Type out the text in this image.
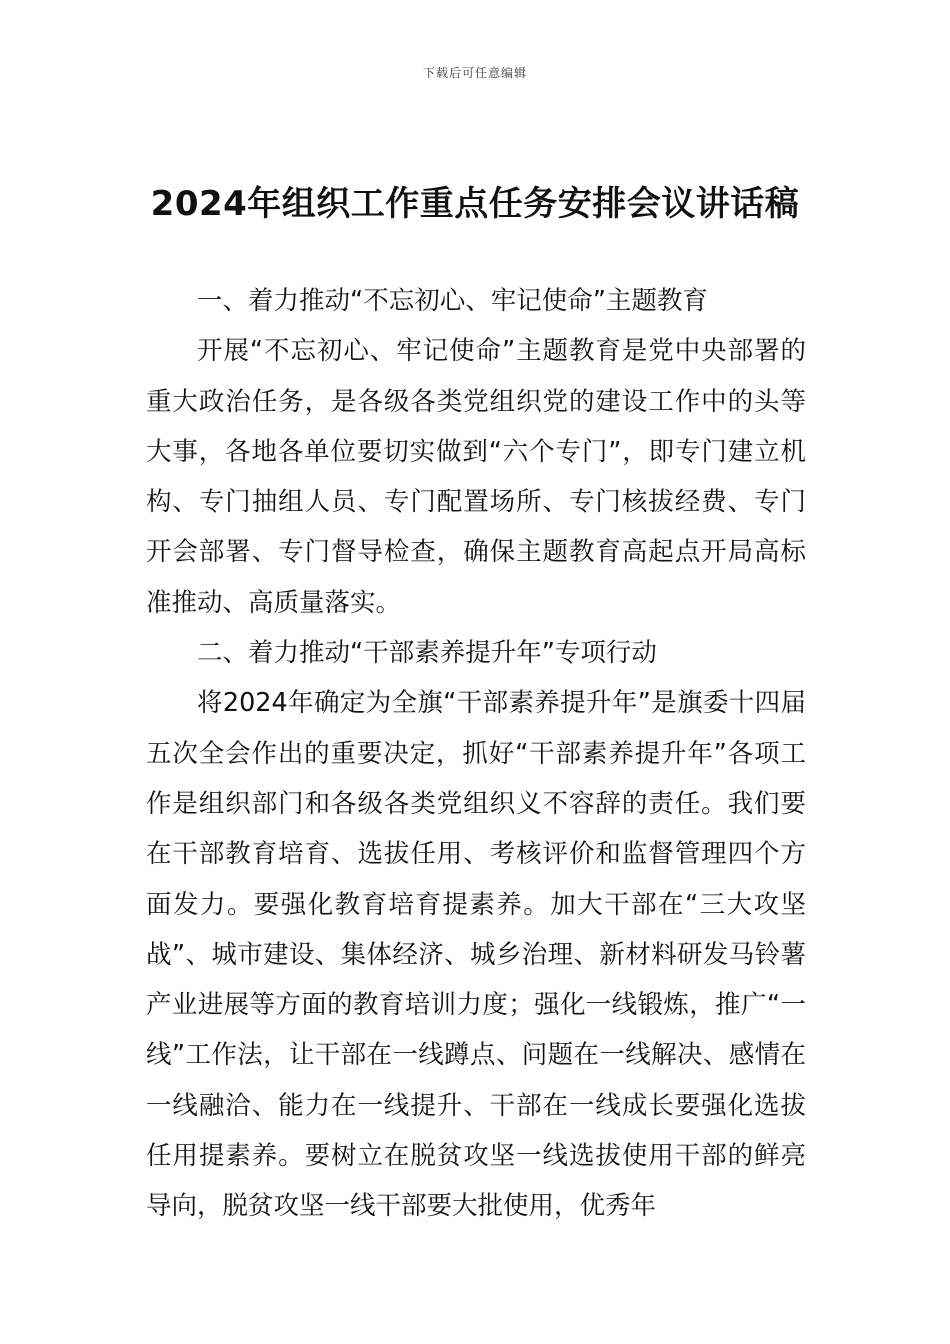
下载后可任意编辑
2024年组织工作重点任务安排会议讲话稿

一、着力推动“不忘初心、牢记使命”主题教育

开展“不忘初心、牢记使命”主题教育是党中央部署的重大政治任务，是各级各类党组织党的建设工作中的头等大事，各地各单位要切实做到“六个专门”，即专门建立机构、专门抽组人员、专门配置场所、专门核拔经费、专门开会部署、专门督导检查，确保主题教育高起点开局高标准推动、高质量落实。

二、着力推动“干部素养提升年”专项行动

将2024年确定为全旗“干部素养提升年”是旗委十四届五次全会作出的重要决定，抓好“干部素养提升年”各项工作是组织部门和各级各类党组织义不容辞的责任。我们要在干部教育培育、选拔任用、考核评价和监督管理四个方面发力。要强化教育培育提素养。加大干部在“三大攻坚战”、城市建设、集体经济、城乡治理、新材料研发马铃薯产业进展等方面的教育培训力度；强化一线锻炼，推广“一线”工作法，让干部在一线蹲点、问题在一线解决、感情在一线融洽、能力在一线提升、干部在一线成长要强化选拔任用提素养。要树立在脱贫攻坚一线选拔使用干部的鲜亮导向，脱贫攻坚一线干部要大批使用，优秀年
